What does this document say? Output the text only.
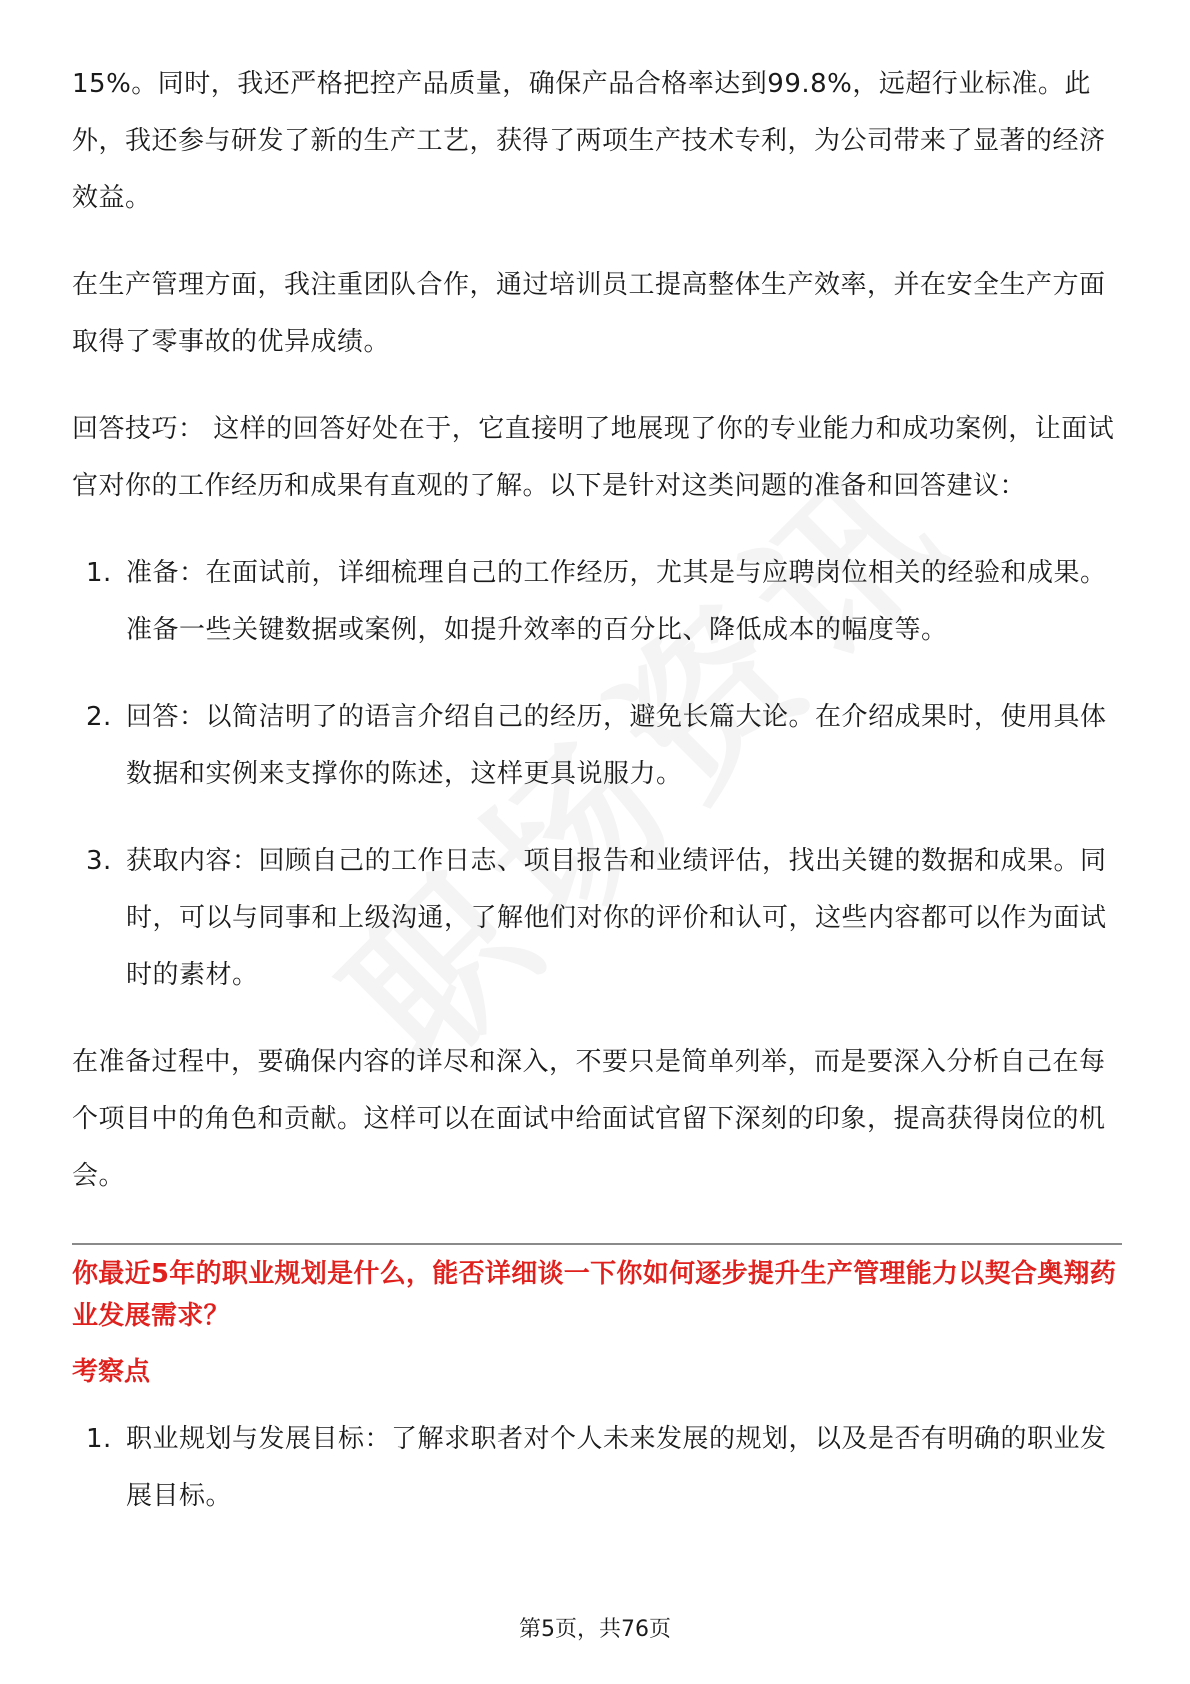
15%。同时，我还严格把控产品质量，确保产品合格率达到99.8%，远超行业标准。此外，我还参与研发了新的生产工艺，获得了两项生产技术专利，为公司带来了显著的经济效益。

在生产管理方面，我注重团队合作，通过培训员工提高整体生产效率，并在安全生产方面取得了零事故的优异成绩。

回答技巧： 这样的回答好处在于，它直接明了地展现了你的专业能力和成功案例，让面试官对你的工作经历和成果有直观的了解。以下是针对这类问题的准备和回答建议：

1. 准备：在面试前，详细梳理自己的工作经历，尤其是与应聘岗位相关的经验和成果。准备一些关键数据或案例，如提升效率的百分比、降低成本的幅度等。
2. 回答：以简洁明了的语言介绍自己的经历，避免长篇大论。在介绍成果时，使用具体数据和实例来支撑你的陈述，这样更具说服力。
3. 获取内容：回顾自己的工作日志、项目报告和业绩评估，找出关键的数据和成果。同时，可以与同事和上级沟通，了解他们对你的评价和认可，这些内容都可以作为面试时的素材。

在准备过程中，要确保内容的详尽和深入，不要只是简单列举，而是要深入分析自己在每个项目中的角色和贡献。这样可以在面试中给面试官留下深刻的印象，提高获得岗位的机会。

你最近5年的职业规划是什么，能否详细谈一下你如何逐步提升生产管理能力以契合奥翔药业发展需求？

考察点

1. 职业规划与发展目标：了解求职者对个人未来发展的规划，以及是否有明确的职业发展目标。
第5页，共76页
